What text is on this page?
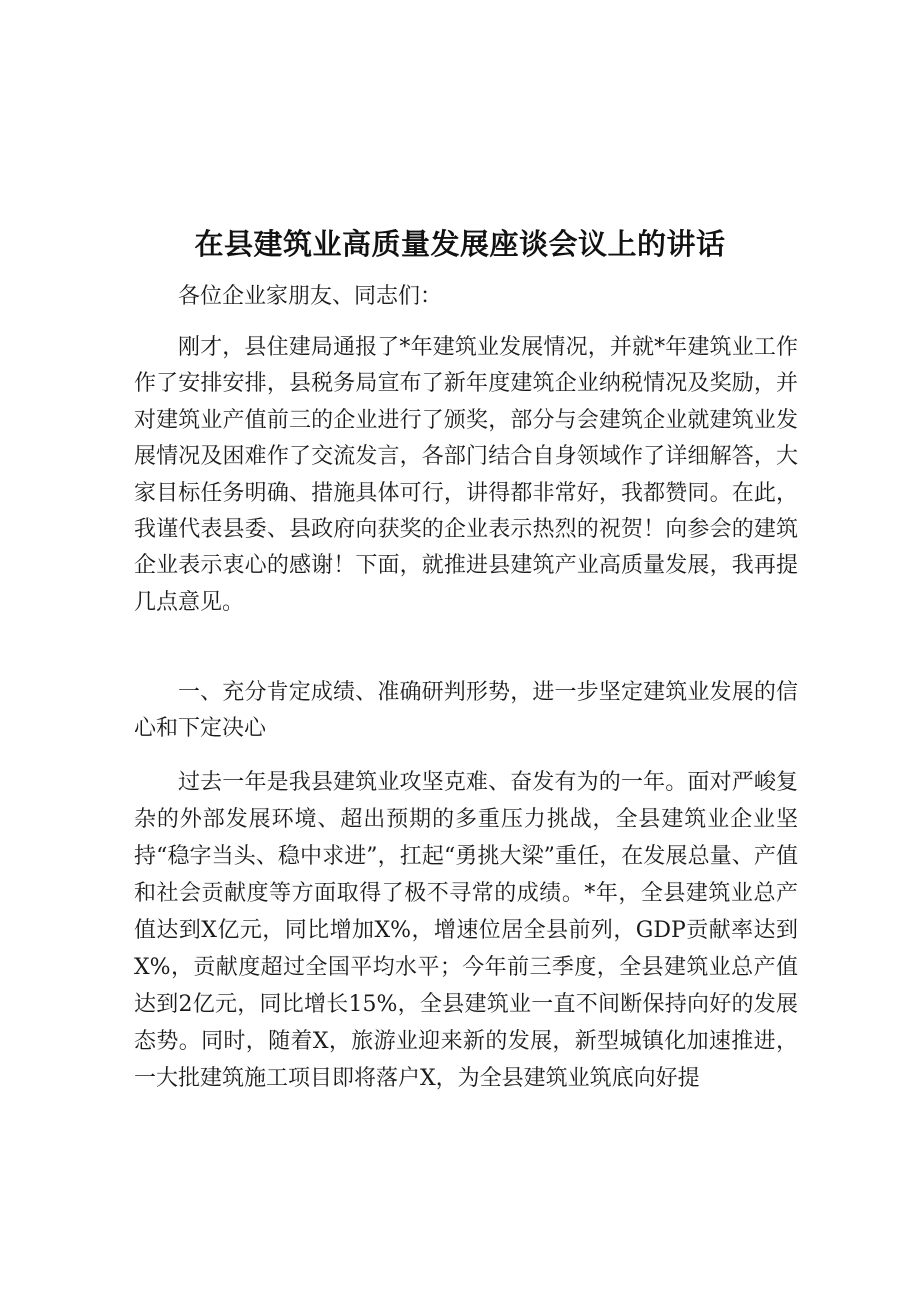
在县建筑业高质量发展座谈会议上的讲话

各位企业家朋友、同志们：

刚才，县住建局通报了*年建筑业发展情况，并就*年建筑业工作作了安排安排，县税务局宣布了新年度建筑企业纳税情况及奖励，并对建筑业产值前三的企业进行了颁奖，部分与会建筑企业就建筑业发展情况及困难作了交流发言，各部门结合自身领域作了详细解答，大家目标任务明确、措施具体可行，讲得都非常好，我都赞同。在此，我谨代表县委、县政府向获奖的企业表示热烈的祝贺！向参会的建筑企业表示衷心的感谢！下面，就推进县建筑产业高质量发展，我再提几点意见。

一、充分肯定成绩、准确研判形势，进一步坚定建筑业发展的信心和下定决心

过去一年是我县建筑业攻坚克难、奋发有为的一年。面对严峻复杂的外部发展环境、超出预期的多重压力挑战，全县建筑业企业坚持“稳字当头、稳中求进”，扛起“勇挑大梁”重任，在发展总量、产值和社会贡献度等方面取得了极不寻常的成绩。*年，全县建筑业总产值达到X亿元，同比增加X%，增速位居全县前列，GDP贡献率达到X%，贡献度超过全国平均水平；今年前三季度，全县建筑业总产值达到2亿元，同比增长15%，全县建筑业一直不间断保持向好的发展态势。同时，随着X，旅游业迎来新的发展，新型城镇化加速推进，一大批建筑施工项目即将落户X，为全县建筑业筑底向好提
